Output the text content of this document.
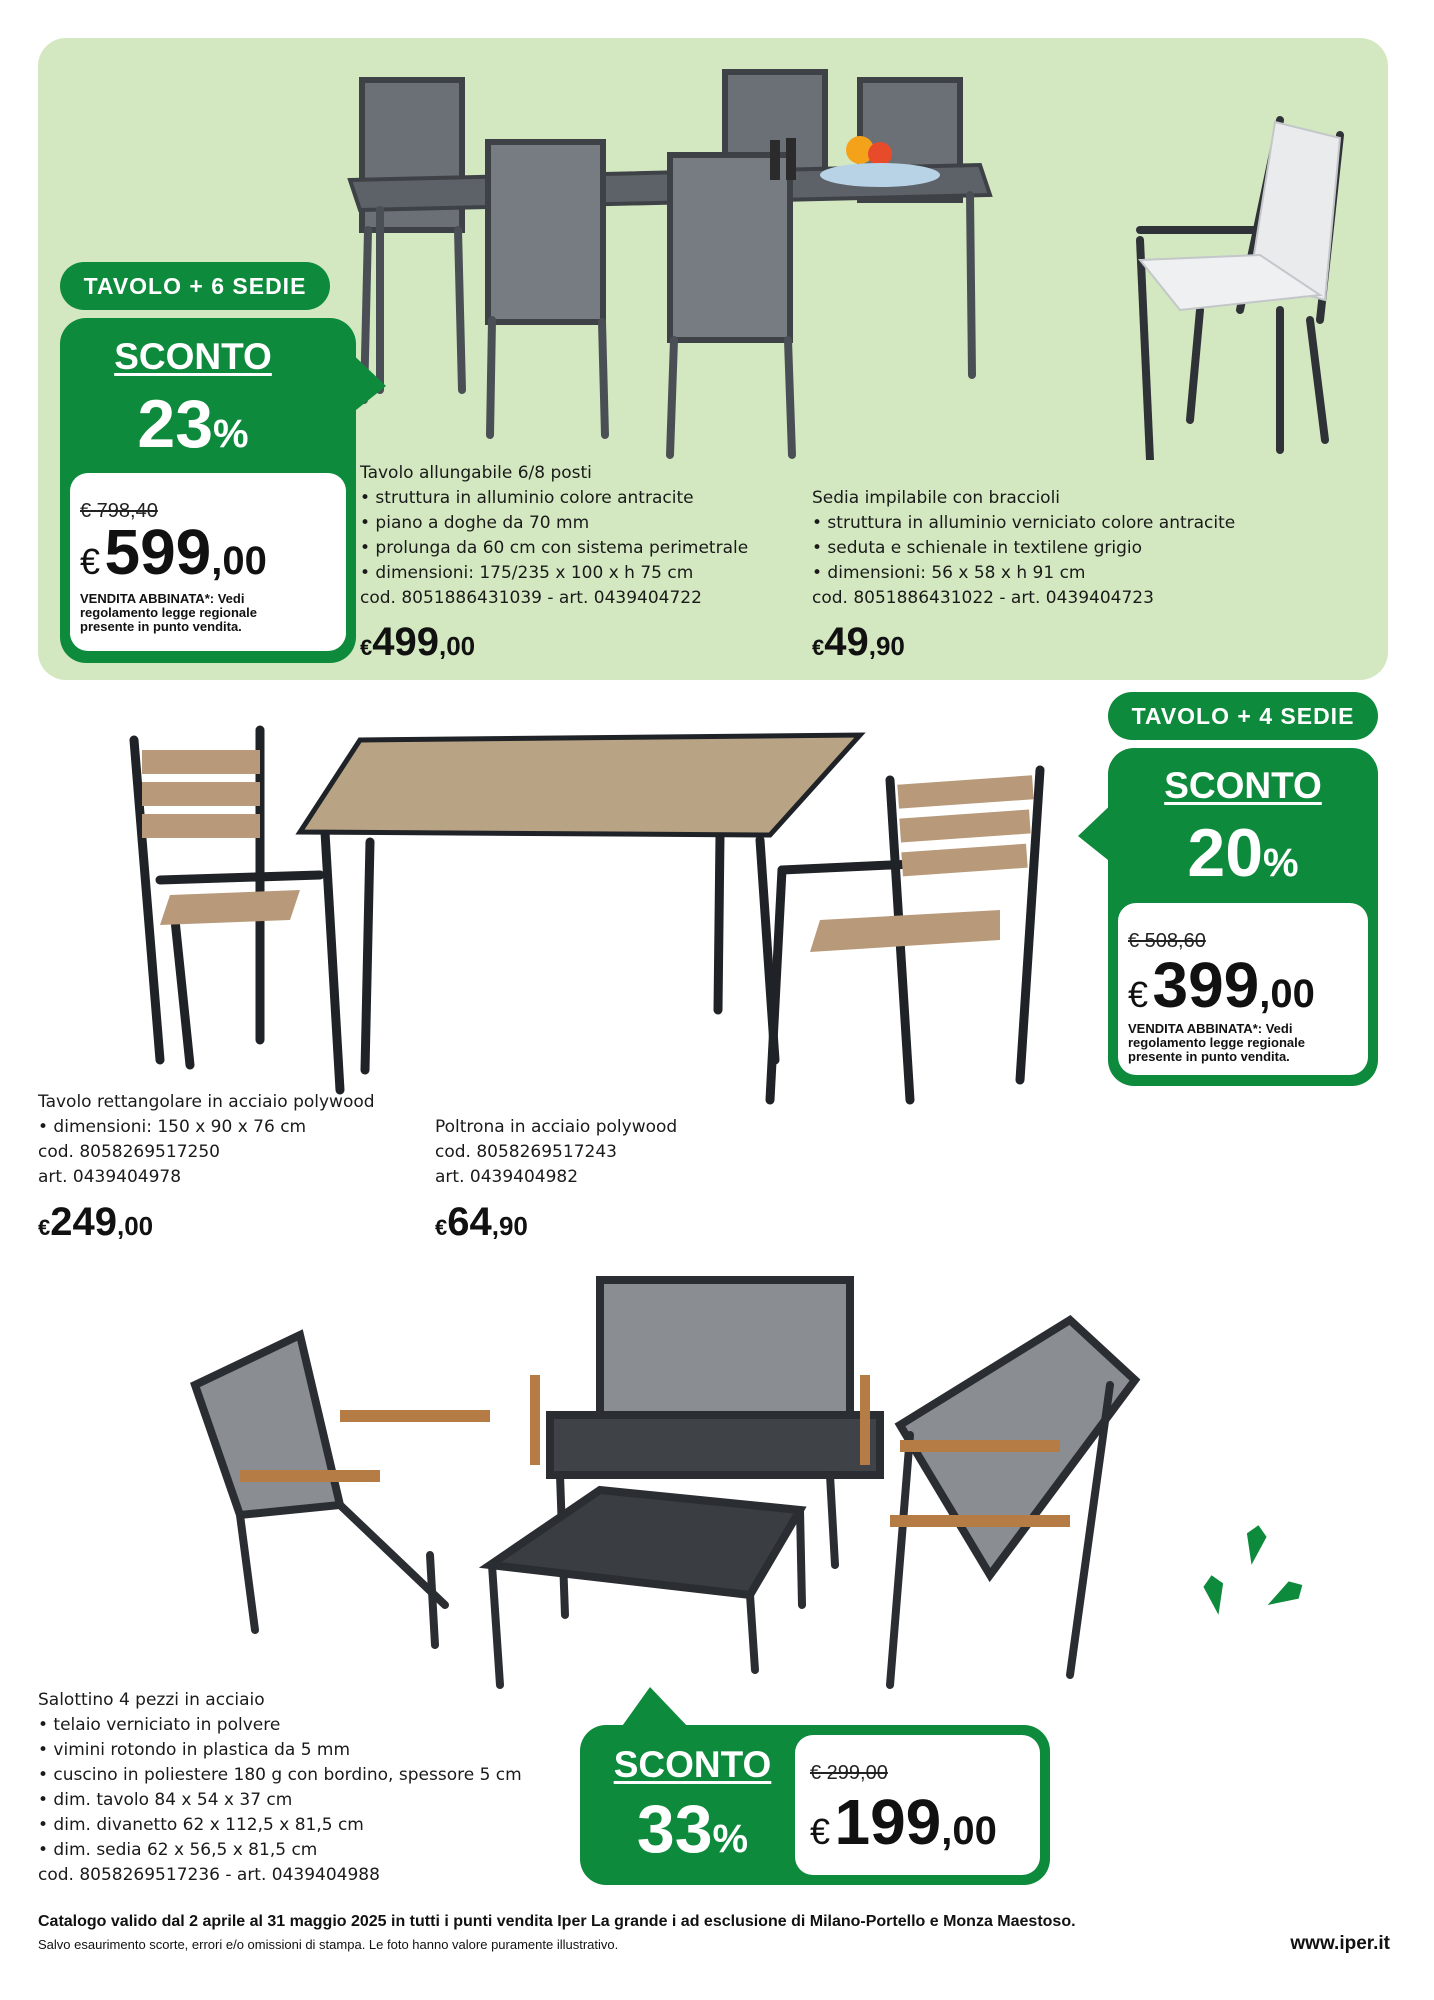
TAVOLO + 6 SEDIE
SCONTO
23%
€ 798,40
€ 599,00
VENDITA ABBINATA*: Vedi
regolamento legge regionale
presente in punto vendita.
Tavolo allungabile 6/8 posti
• struttura in alluminio colore antracite
• piano a doghe da 70 mm
• prolunga da 60 cm con sistema perimetrale
• dimensioni: 175/235 x 100 x h 75 cm
cod. 8051886431039 - art. 0439404722
€499,00
Sedia impilabile con braccioli
• struttura in alluminio verniciato colore antracite
• seduta e schienale in textilene grigio
• dimensioni: 56 x 58 x h 91 cm
cod. 8051886431022 - art. 0439404723
€49,90
TAVOLO + 4 SEDIE
SCONTO
20%
€ 508,60
€ 399,00
VENDITA ABBINATA*: Vedi
regolamento legge regionale
presente in punto vendita.
Tavolo rettangolare in acciaio polywood
• dimensioni: 150 x 90 x 76 cm
cod. 8058269517250
art. 0439404978
€249,00
Poltrona in acciaio polywood
cod. 8058269517243
art. 0439404982
€64,90
Salottino 4 pezzi in acciaio
• telaio verniciato in polvere
• vimini rotondo in plastica da 5 mm
• cuscino in poliestere 180 g con bordino, spessore 5 cm
• dim. tavolo 84 x 54 x 37 cm
• dim. divanetto 62 x 112,5 x 81,5 cm
• dim. sedia 62 x 56,5 x 81,5 cm
cod. 8058269517236 - art. 0439404988
SCONTO
33%
€ 299,00
€ 199,00
Catalogo valido dal 2 aprile al 31 maggio 2025 in tutti i punti vendita Iper La grande i ad esclusione di Milano-Portello e Monza Maestoso.
Salvo esaurimento scorte, errori e/o omissioni di stampa. Le foto hanno valore puramente illustrativo.	www.iper.it
